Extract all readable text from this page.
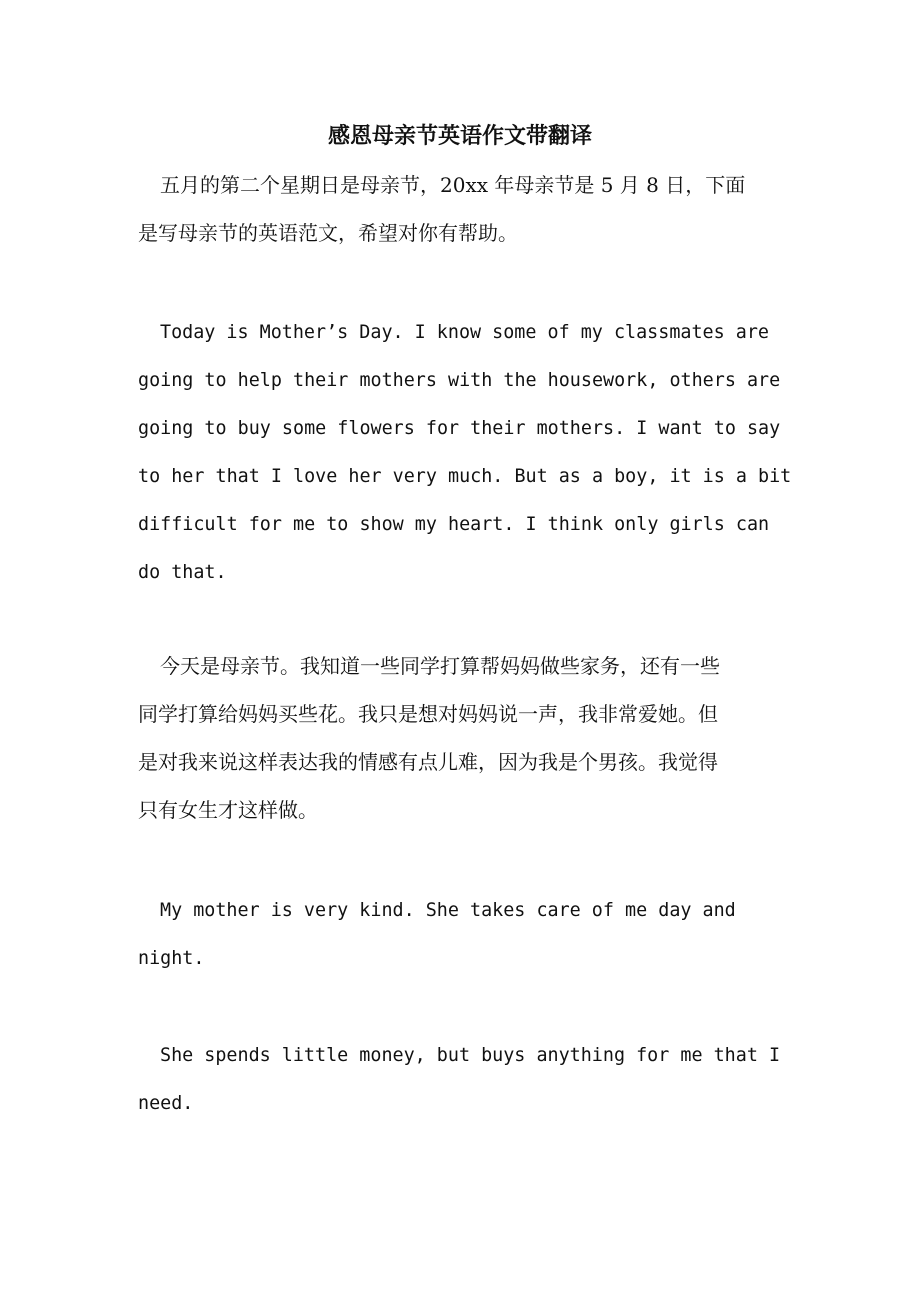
感恩母亲节英语作文带翻译

五月的第二个星期日是母亲节，20xx 年母亲节是 5 月 8 日，下面

是写母亲节的英语范文，希望对你有帮助。

Today is Mother’s Day. I know some of my classmates are

going to help their mothers with the housework, others are

going to buy some flowers for their mothers. I want to say

to her that I love her very much. But as a boy, it is a bit

difficult for me to show my heart. I think only girls can

do that.

今天是母亲节。我知道一些同学打算帮妈妈做些家务，还有一些

同学打算给妈妈买些花。我只是想对妈妈说一声，我非常爱她。但

是对我来说这样表达我的情感有点儿难，因为我是个男孩。我觉得

只有女生才这样做。

My mother is very kind. She takes care of me day and

night.

She spends little money, but buys anything for me that I

need.
